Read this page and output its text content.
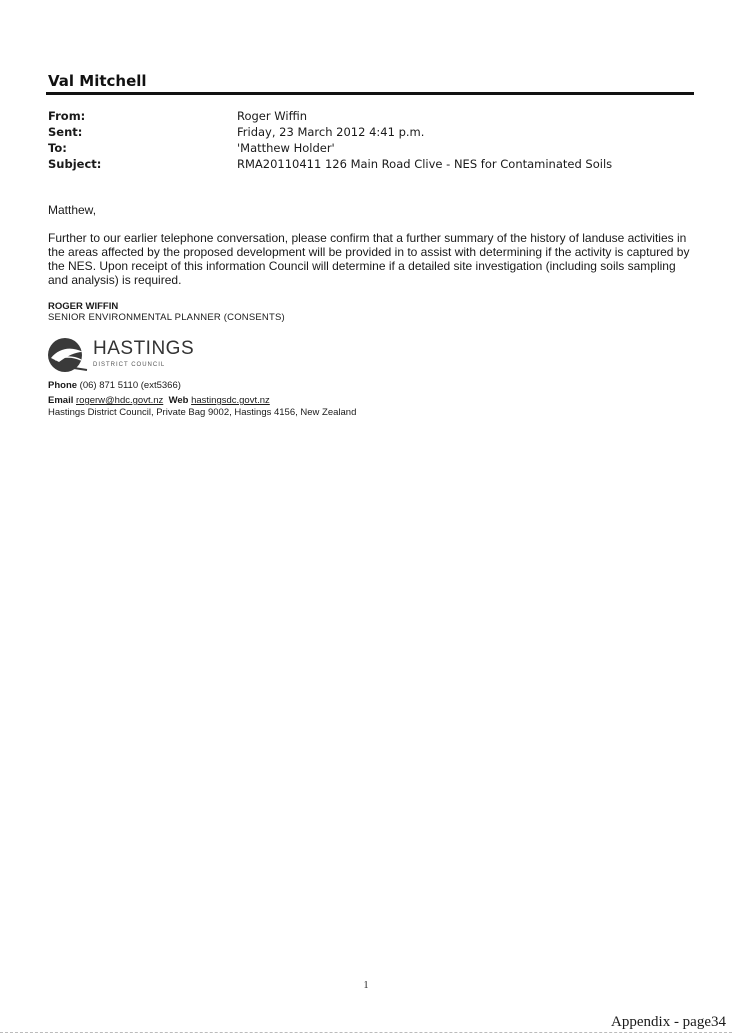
Val Mitchell
From:	Roger Wiffin
Sent:	Friday, 23 March 2012 4:41 p.m.
To:	'Matthew Holder'
Subject:	RMA20110411 126 Main Road Clive - NES for Contaminated Soils
Matthew,
Further to our earlier telephone conversation, please confirm that a further summary of the history of landuse activities in the areas affected by the proposed development will be provided in to assist with determining if the activity is captured by the NES. Upon receipt of this information Council will determine if a detailed site investigation (including soils sampling and analysis) is required.
ROGER WIFFIN
SENIOR ENVIRONMENTAL PLANNER (CONSENTS)
HASTINGS
DISTRICT COUNCIL
Phone (06) 871 5110 (ext5366)
Email rogerw@hdc.govt.nz Web hastingsdc.govt.nz
Hastings District Council, Private Bag 9002, Hastings 4156, New Zealand
1
Appendix - page34
